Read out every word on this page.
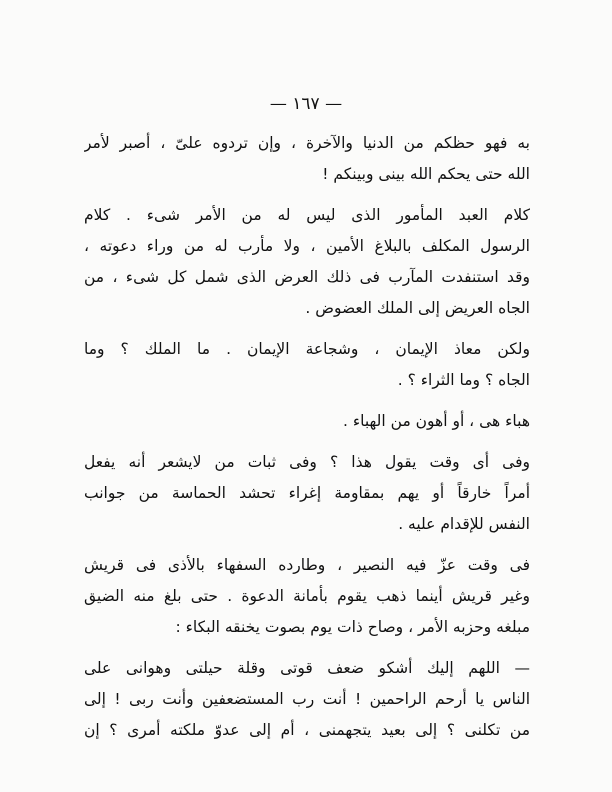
— ١٦٧ —
به فهو حظكم من الدنيا والآخرة ، وإن تردوه علىّ ، أصبر لأمر
الله حتى يحكم الله بينى وبينكم !
كلام العبد المأمور الذى ليس له من الأمر شىء . كلام
الرسول المكلف بالبلاغ الأمين ، ولا مأرب له من وراء دعوته ،
وقد استنفدت المآرب فى ذلك العرض الذى شمل كل شىء ، من
الجاه العريض إلى الملك العضوض .
ولكن معاذ الإيمان ، وشجاعة الإيمان . ما الملك ؟ وما
الجاه ؟ وما الثراء ؟ .
هباء هى ، أو أهون من الهباء .
وفى أى وقت يقول هذا ؟ وفى ثبات من لايشعر أنه يفعل
أمراً خارقاً أو يهم بمقاومة إغراء تحشد الحماسة من جوانب
النفس للإقدام عليه .
فى وقت عزّ فيه النصير ، وطارده السفهاء بالأذى فى قريش
وغير قريش أينما ذهب يقوم بأمانة الدعوة . حتى بلغ منه الضيق
مبلغه وحزبه الأمر ، وصاح ذات يوم بصوت يخنقه البكاء :
— اللهم إليك أشكو ضعف قوتى وقلة حيلتى وهوانى على
الناس يا أرحم الراحمين ! أنت رب المستضعفين وأنت ربى ! إلى
من تكلنى ؟ إلى بعيد يتجهمنى ، أم إلى عدوّ ملكته أمرى ؟ إن
